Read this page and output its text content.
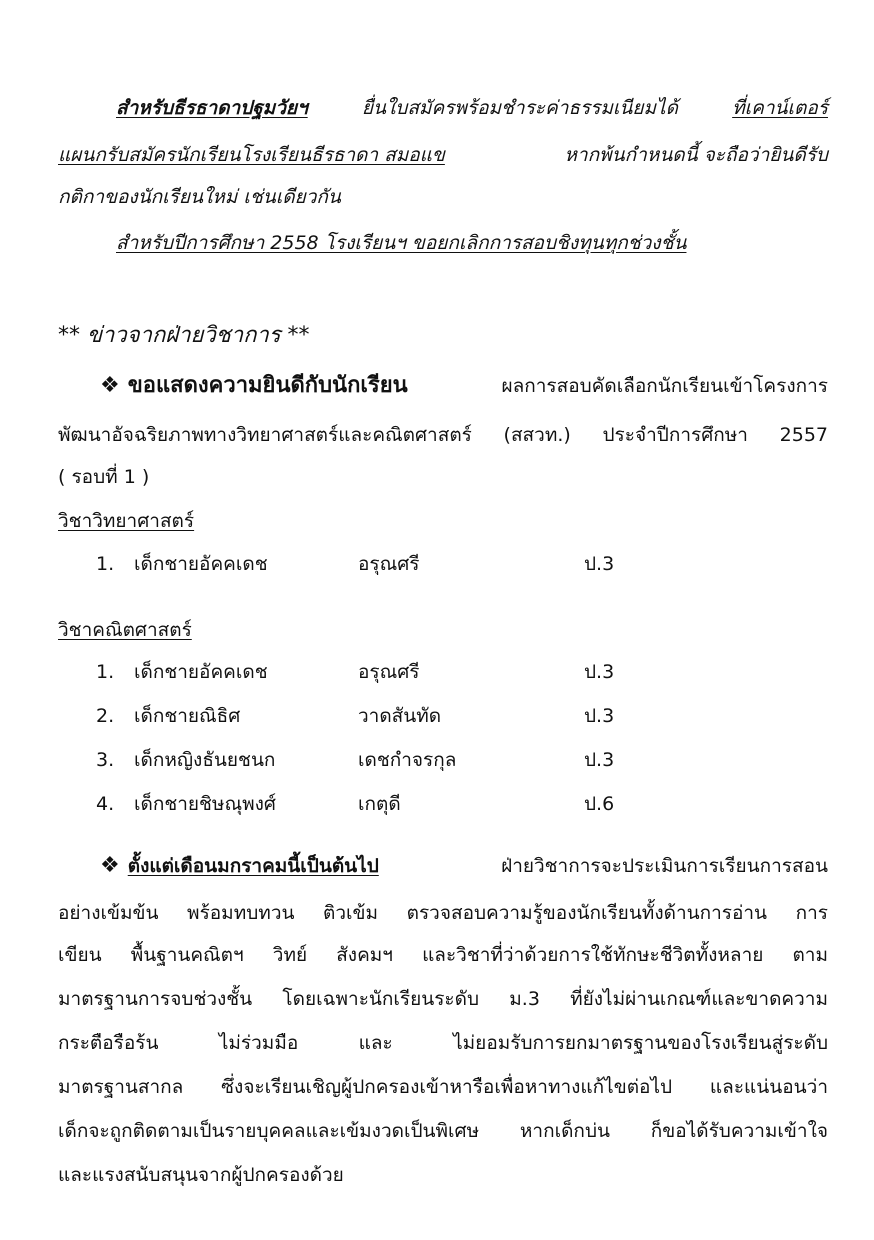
สำหรับธีรธาดาปฐมวัยฯ	ยื่นใบสมัครพร้อมชำระค่าธรรมเนียมได้	ที่เคาน์เตอร์
แผนกรับสมัครนักเรียนโรงเรียนธีรธาดา สมอแข	หากพ้นกำหนดนี้ จะถือว่ายินดีรับ
กติกาของนักเรียนใหม่ เช่นเดียวกัน
สำหรับปีการศึกษา 2558 โรงเรียนฯ ขอยกเลิกการสอบชิงทุนทุกช่วงชั้น
** ข่าวจากฝ่ายวิชาการ **
❖ ขอแสดงความยินดีกับนักเรียน	ผลการสอบคัดเลือกนักเรียนเข้าโครงการ
พัฒนาอัจฉริยภาพทางวิทยาศาสตร์และคณิตศาสตร์ (สสวท.) ประจำปีการศึกษา 2557
( รอบที่ 1 )
วิชาวิทยาศาสตร์
1. เด็กชายอัคคเดช	อรุณศรี	ป.3
วิชาคณิตศาสตร์
1. เด็กชายอัคคเดช	อรุณศรี	ป.3
2. เด็กชายณิธิศ	วาดสันทัด	ป.3
3. เด็กหญิงธันยชนก	เดชกำจรกุล	ป.3
4. เด็กชายชิษณุพงศ์	เกตุดี	ป.6
❖ ตั้งแต่เดือนมกราคมนี้เป็นต้นไป	ฝ่ายวิชาการจะประเมินการเรียนการสอน
อย่างเข้มข้น พร้อมทบทวน ติวเข้ม ตรวจสอบความรู้ของนักเรียนทั้งด้านการอ่าน การ
เขียน พื้นฐานคณิตฯ วิทย์ สังคมฯ และวิชาที่ว่าด้วยการใช้ทักษะชีวิตทั้งหลาย ตาม
มาตรฐานการจบช่วงชั้น โดยเฉพาะนักเรียนระดับ ม.3 ที่ยังไม่ผ่านเกณฑ์และขาดความ
กระตือรือร้น ไม่ร่วมมือ และ ไม่ยอมรับการยกมาตรฐานของโรงเรียนสู่ระดับ
มาตรฐานสากล ซึ่งจะเรียนเชิญผู้ปกครองเข้าหารือเพื่อหาทางแก้ไขต่อไป และแน่นอนว่า
เด็กจะถูกติดตามเป็นรายบุคคลและเข้มงวดเป็นพิเศษ หากเด็กบ่น ก็ขอได้รับความเข้าใจ
และแรงสนับสนุนจากผู้ปกครองด้วย
